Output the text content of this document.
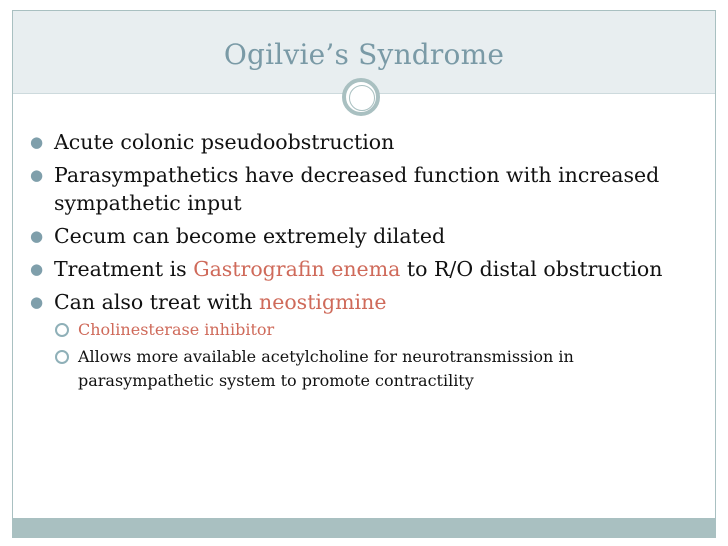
Ogilvie’s Syndrome
● Acute colonic pseudoobstruction
● Parasympathetics have decreased function with increased sympathetic input
● Cecum can become extremely dilated
● Treatment is Gastrografin enema to R/O distal obstruction
● Can also treat with neostigmine
Cholinesterase inhibitor
Allows more available acetylcholine for neurotransmission in parasympathetic system to promote contractility
